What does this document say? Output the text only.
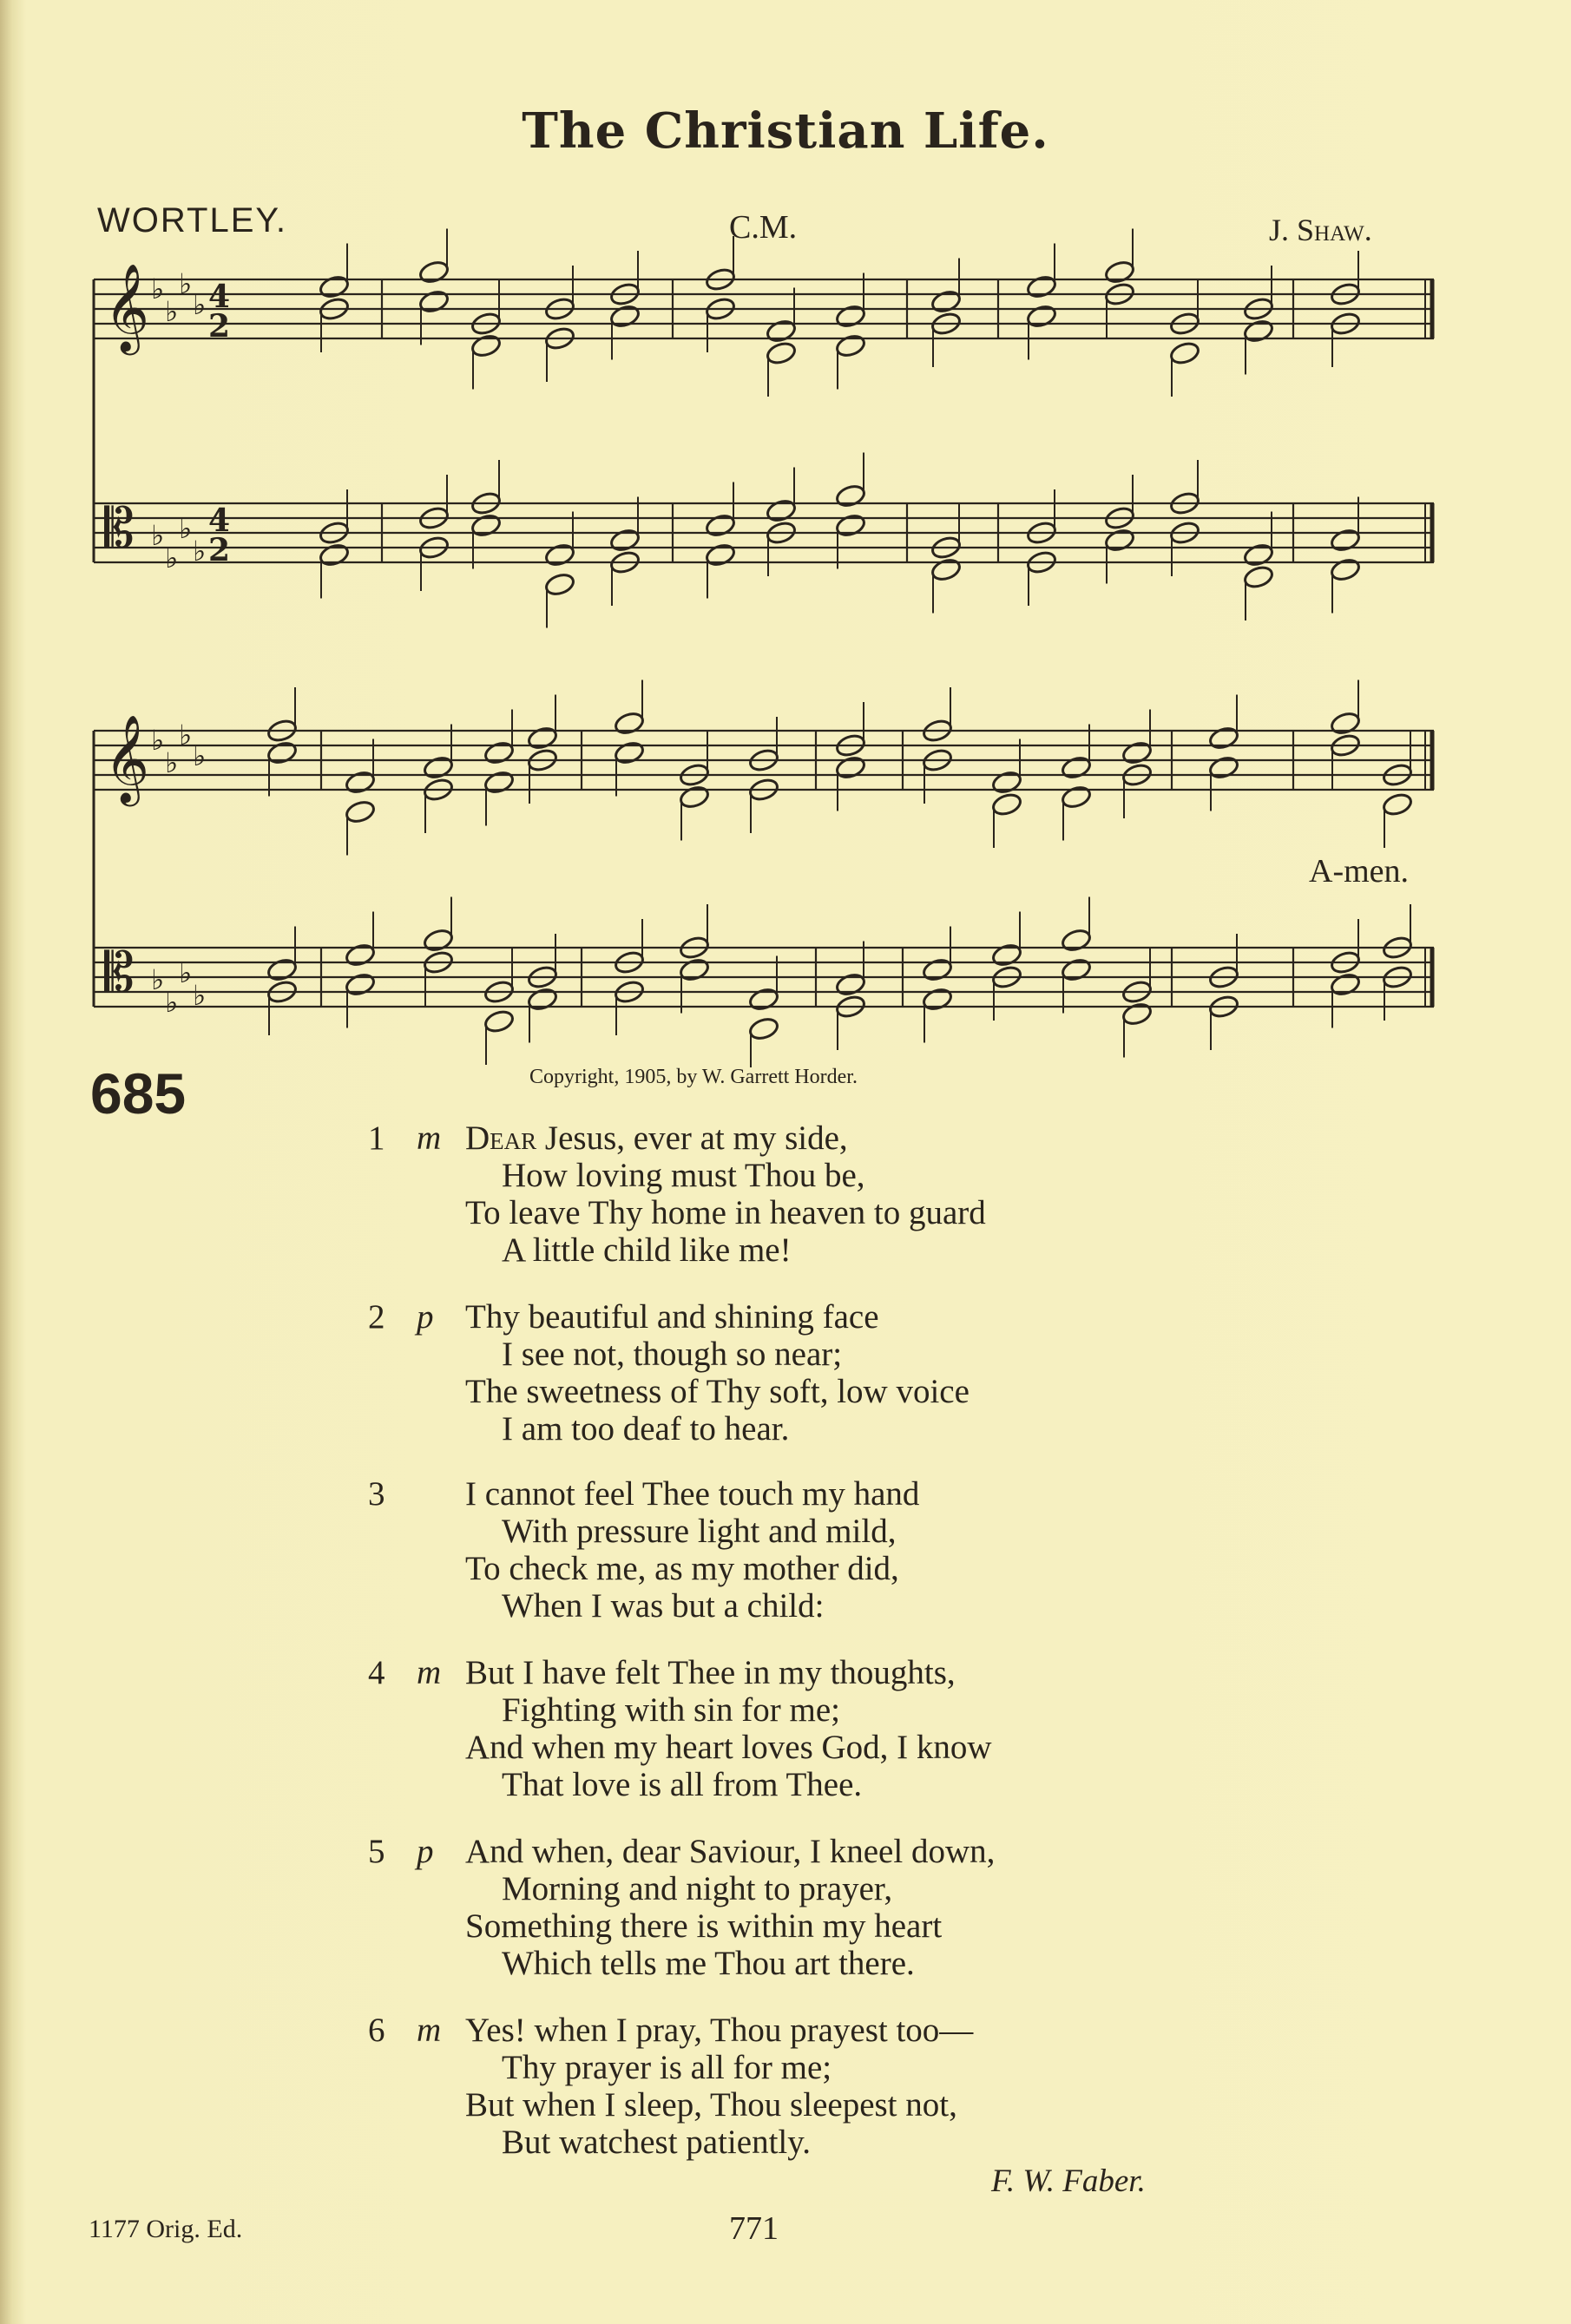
The Christian Life.
WORTLEY.	C.M.	J. Shaw.
𝄞 ♭
♭
♭
♭ 4
2
𝄡 ♭
♭
♭
♭
4
2
𝄞 ♭
♭
♭
♭
𝄡 ♭
♭
♭
♭
A-men.
Copyright, 1905, by W. Garrett Horder.
685
1 m Dear Jesus, ever at my side,
How loving must Thou be,
To leave Thy home in heaven to guard
A little child like me!
2 p Thy beautiful and shining face
I see not, though so near;
The sweetness of Thy soft, low voice
I am too deaf to hear.
3	I cannot feel Thee touch my hand
With pressure light and mild,
To check me, as my mother did,
When I was but a child:
4 m But I have felt Thee in my thoughts,
Fighting with sin for me;
And when my heart loves God, I know
That love is all from Thee.
5 p And when, dear Saviour, I kneel down,
Morning and night to prayer,
Something there is within my heart
Which tells me Thou art there.
6 m Yes! when I pray, Thou prayest too—
Thy prayer is all for me;
But when I sleep, Thou sleepest not,
But watchest patiently.
F. W. Faber.
1177 Orig. Ed.	771
